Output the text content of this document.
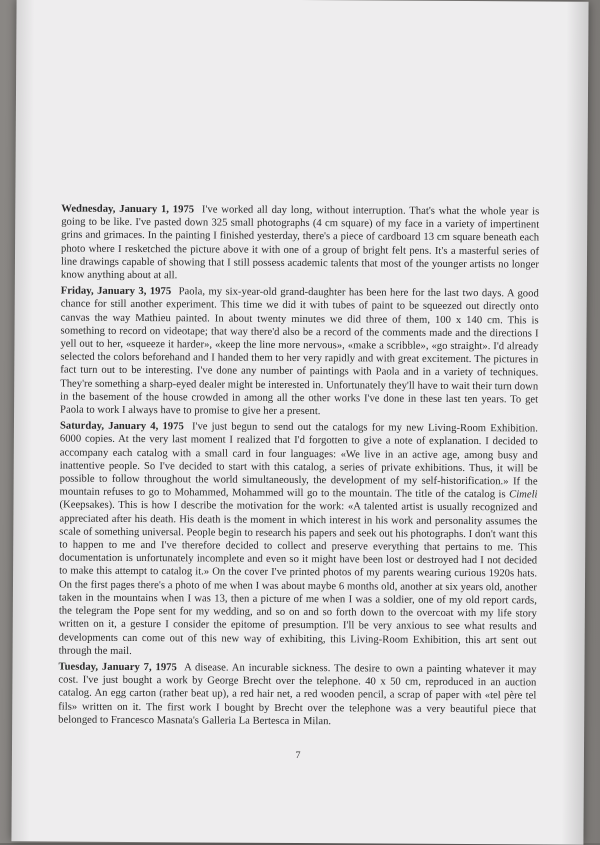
Wednesday, January 1, 1975 I've worked all day long, without interruption. That's what the whole year is going to be like. I've pasted down 325 small photographs (4 cm square) of my face in a variety of impertinent grins and grimaces. In the painting I finished yesterday, there's a piece of cardboard 13 cm square beneath each photo where I resketched the picture above it with one of a group of bright felt pens. It's a masterful series of line drawings capable of showing that I still possess academic talents that most of the younger artists no longer know anything about at all.

Friday, January 3, 1975 Paola, my six-year-old grand-daughter has been here for the last two days. A good chance for still another experiment. This time we did it with tubes of paint to be squeezed out directly onto canvas the way Mathieu painted. In about twenty minutes we did three of them, 100 x 140 cm. This is something to record on videotape; that way there'd also be a record of the comments made and the directions I yell out to her, «squeeze it harder», «keep the line more nervous», «make a scribble», «go straight». I'd already selected the colors beforehand and I handed them to her very rapidly and with great excitement. The pictures in fact turn out to be interesting. I've done any number of paintings with Paola and in a variety of techniques. They're something a sharp-eyed dealer might be interested in. Unfortunately they'll have to wait their turn down in the basement of the house crowded in among all the other works I've done in these last ten years. To get Paola to work I always have to promise to give her a present.

Saturday, January 4, 1975 I've just begun to send out the catalogs for my new Living-Room Exhibition. 6000 copies. At the very last moment I realized that I'd forgotten to give a note of explanation. I decided to accompany each catalog with a small card in four languages: «We live in an active age, among busy and inattentive people. So I've decided to start with this catalog, a series of private exhibitions. Thus, it will be possible to follow throughout the world simultaneously, the development of my self-historification.» If the mountain refuses to go to Mohammed, Mohammed will go to the mountain. The title of the catalog is Cimeli (Keepsakes). This is how I describe the motivation for the work: «A talented artist is usually recognized and appreciated after his death. His death is the moment in which interest in his work and personality assumes the scale of something universal. People begin to research his papers and seek out his photographs. I don't want this to happen to me and I've therefore decided to collect and preserve everything that pertains to me. This documentation is unfortunately incomplete and even so it might have been lost or destroyed had I not decided to make this attempt to catalog it.» On the cover I've printed photos of my parents wearing curious 1920s hats. On the first pages there's a photo of me when I was about maybe 6 months old, another at six years old, another taken in the mountains when I was 13, then a picture of me when I was a soldier, one of my old report cards, the telegram the Pope sent for my wedding, and so on and so forth down to the overcoat with my life story written on it, a gesture I consider the epitome of presumption. I'll be very anxious to see what results and developments can come out of this new way of exhibiting, this Living-Room Exhibition, this art sent out through the mail.

Tuesday, January 7, 1975 A disease. An incurable sickness. The desire to own a painting whatever it may cost. I've just bought a work by George Brecht over the telephone. 40 x 50 cm, reproduced in an auction catalog. An egg carton (rather beat up), a red hair net, a red wooden pencil, a scrap of paper with «tel père tel fils» written on it. The first work I bought by Brecht over the telephone was a very beautiful piece that belonged to Francesco Masnata's Galleria La Bertesca in Milan.

7
